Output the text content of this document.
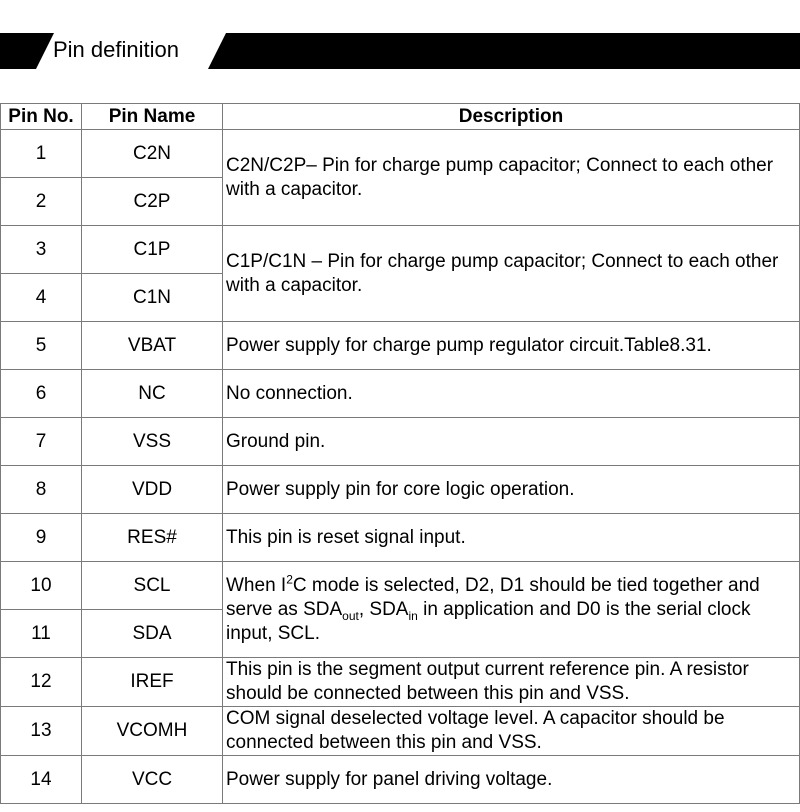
Pin definition
Pin No.	Pin Name	Description
1	C2N	C2N/C2P– Pin for charge pump capacitor; Connect to each other with a capacitor.
2	C2P	
3	C1P	C1P/C1N – Pin for charge pump capacitor; Connect to each other with a capacitor.
4	C1N	
5	VBAT	Power supply for charge pump regulator circuit.Table8.31.
6	NC	No connection.
7	VSS	Ground pin.
8	VDD	Power supply pin for core logic operation.
9	RES#	This pin is reset signal input.
10	SCL	When $I^2C$ mode is selected, D2, D1 should be tied together and serve as $SDA_{out}$, $SDA_{in}$ in application and D0 is the serial clock input, SCL.
11	SDA	
12	IREF	This pin is the segment output current reference pin. A resistor should be connected between this pin and VSS.
13	VCOMH	COM signal deselected voltage level. A capacitor should be connected between this pin and VSS.
14	VCC	Power supply for panel driving voltage.
